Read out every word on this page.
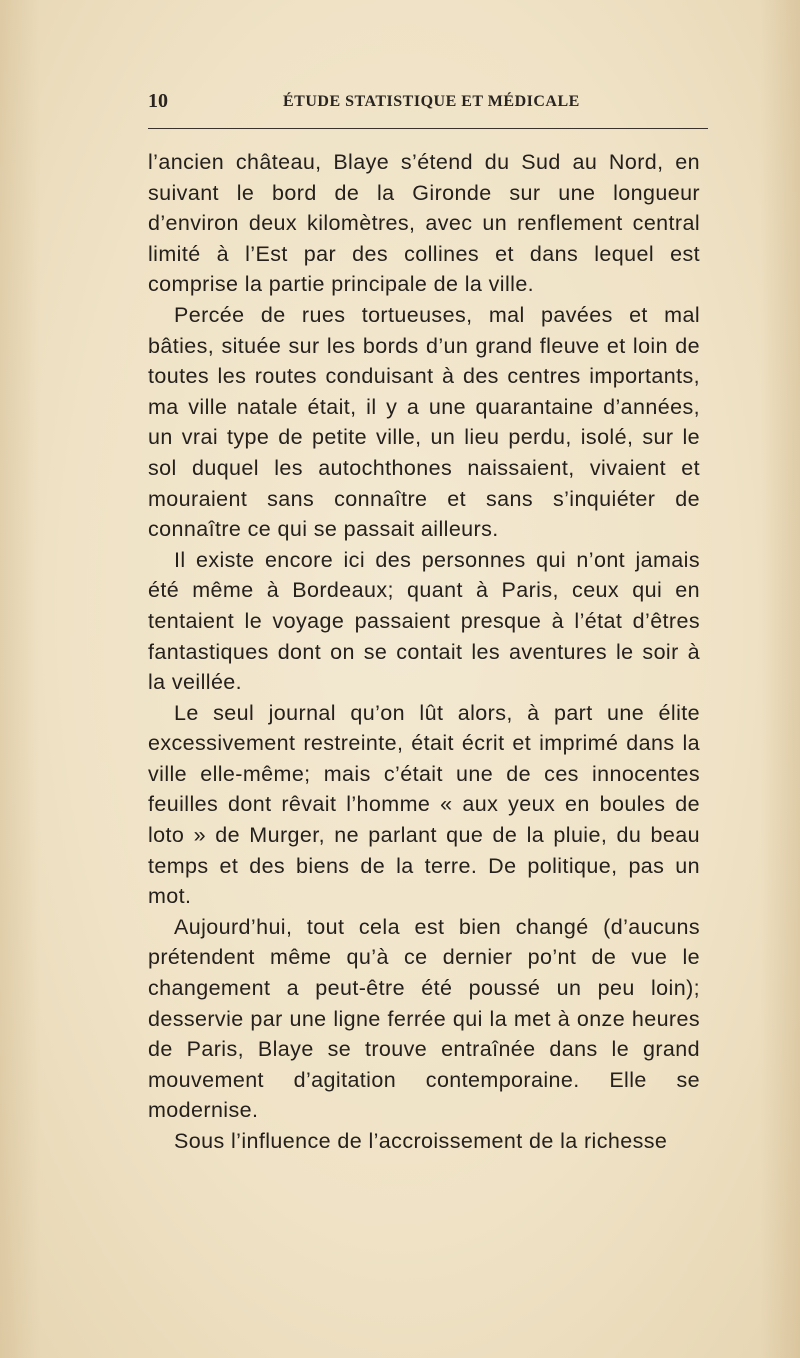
10	ÉTUDE STATISTIQUE ET MÉDICALE

l’ancien château, Blaye s’étend du Sud au Nord, en suivant le bord de la Gironde sur une longueur d’environ deux kilomètres, avec un renflement central limité à l’Est par des collines et dans lequel est comprise la partie principale de la ville.

Percée de rues tortueuses, mal pavées et mal bâties, située sur les bords d’un grand fleuve et loin de toutes les routes conduisant à des centres importants, ma ville natale était, il y a une quarantaine d’années, un vrai type de petite ville, un lieu perdu, isolé, sur le sol duquel les autochthones naissaient, vivaient et mouraient sans connaître et sans s’inquiéter de connaître ce qui se passait ailleurs.

Il existe encore ici des personnes qui n’ont jamais été même à Bordeaux; quant à Paris, ceux qui en tentaient le voyage passaient presque à l’état d’êtres fantastiques dont on se contait les aventures le soir à la veillée.

Le seul journal qu’on lût alors, à part une élite excessivement restreinte, était écrit et imprimé dans la ville elle-même; mais c’était une de ces innocentes feuilles dont rêvait l’homme « aux yeux en boules de loto » de Murger, ne parlant que de la pluie, du beau temps et des biens de la terre. De politique, pas un mot.

Aujourd’hui, tout cela est bien changé (d’aucuns prétendent même qu’à ce dernier po’nt de vue le changement a peut-être été poussé un peu loin); desservie par une ligne ferrée qui la met à onze heures de Paris, Blaye se trouve entraînée dans le grand mouvement d’agitation contemporaine. Elle se modernise.

Sous l’influence de l’accroissement de la richesse
